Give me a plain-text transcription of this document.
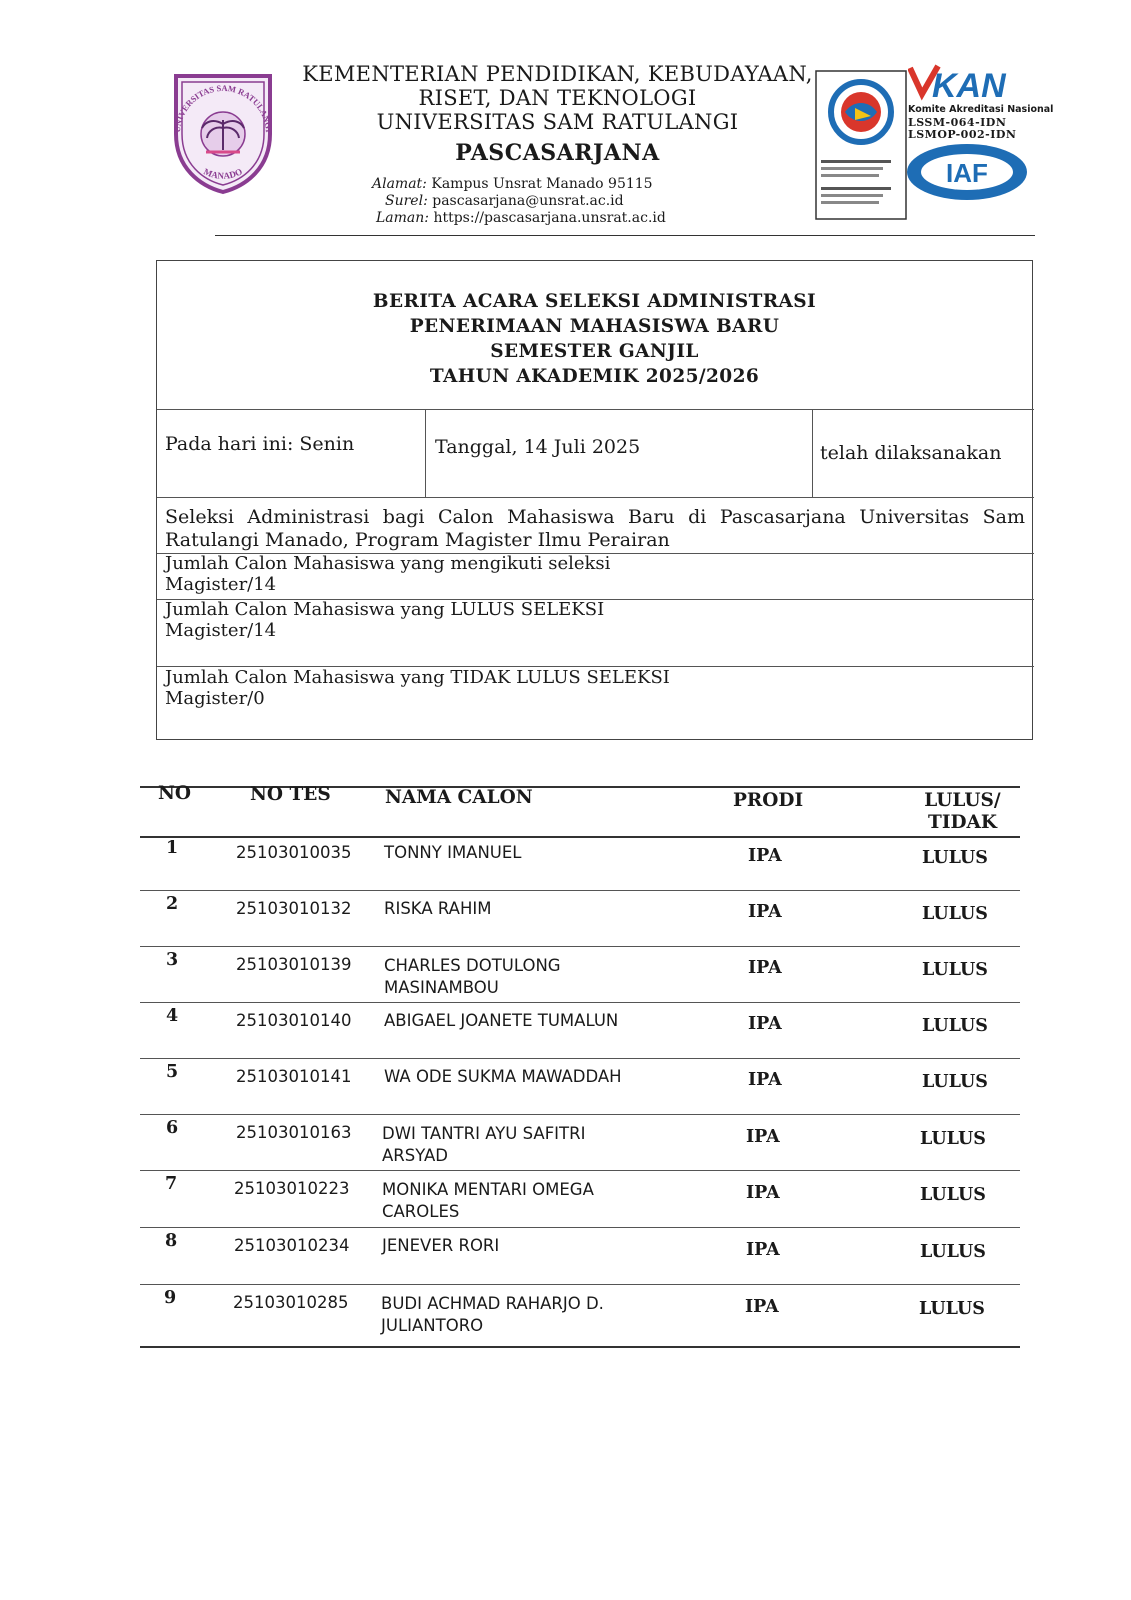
UNIVERSITAS SAM RATULANGI
MANADO
KEMENTERIAN PENDIDIKAN, KEBUDAYAAN,
RISET, DAN TEKNOLOGI
UNIVERSITAS SAM RATULANGI
PASCASARJANA
Alamat: Kampus Unsrat Manado 95115
Surel: pascasarjana@unsrat.ac.id
Laman: https://pascasarjana.unsrat.ac.id
KAN
Komite Akreditasi Nasional
LSSM-064-IDN
LSMOP-002-IDN
IAF
BERITA ACARA SELEKSI ADMINISTRASI
PENERIMAAN MAHASISWA BARU
SEMESTER GANJIL
TAHUN AKADEMIK 2025/2026
Pada hari ini: Senin	Tanggal, 14 Juli 2025	telah dilaksanakan
Seleksi Administrasi bagi Calon Mahasiswa Baru di Pascasarjana Universitas Sam
Ratulangi Manado, Program Magister Ilmu Perairan
Jumlah Calon Mahasiswa yang mengikuti seleksi
Magister/14
Jumlah Calon Mahasiswa yang LULUS SELEKSI
Magister/14
Jumlah Calon Mahasiswa yang TIDAK LULUS SELEKSI
Magister/0
NO	NO TES	NAMA CALON	PRODI	LULUS/
TIDAK
1	25103010035 TONNY IMANUEL	IPA	LULUS
2	25103010132 RISKA RAHIM	IPA	LULUS
3	25103010139 CHARLES DOTULONG
MASINAMBOU
IPA	LULUS
4	25103010140 ABIGAEL JOANETE TUMALUN	IPA	LULUS
5	25103010141 WA ODE SUKMA MAWADDAH	IPA	LULUS
6	25103010163 DWI TANTRI AYU SAFITRI
ARSYAD
IPA	LULUS
7	25103010223 MONIKA MENTARI OMEGA
CAROLES
IPA	LULUS
8	25103010234 JENEVER RORI	IPA	LULUS
9	25103010285 BUDI ACHMAD RAHARJO D.
JULIANTORO
IPA	LULUS
